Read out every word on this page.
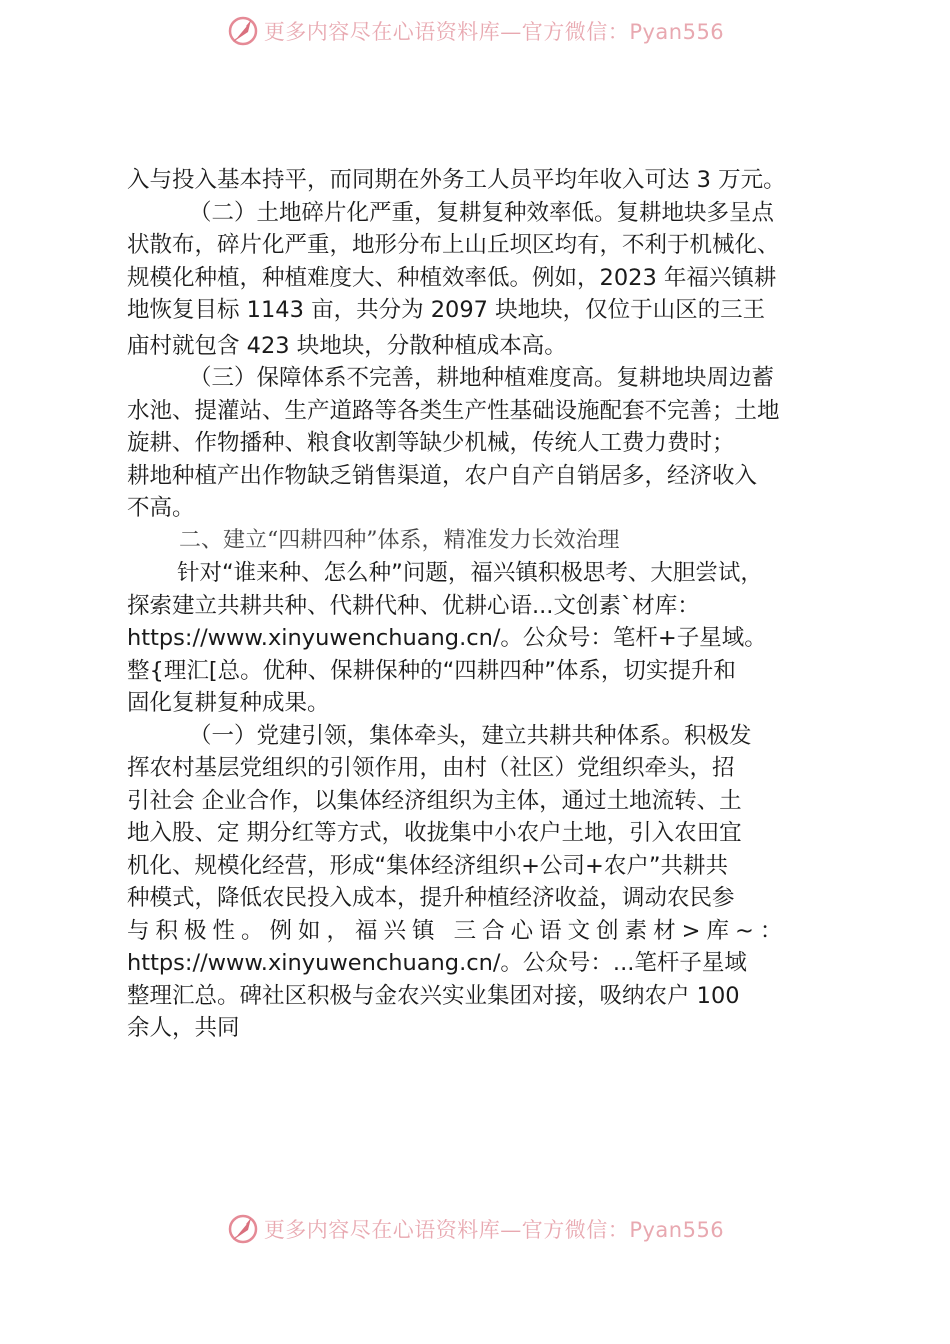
更多内容尽在心语资料库—官方微信：Pyan556
入与投入基本持平，而同期在外务工人员平均年收入可达 3 万元。
（二）土地碎片化严重，复耕复种效率低。复耕地块多呈点
状散布，碎片化严重，地形分布上山丘坝区均有，不利于机械化、
规模化种植，种植难度大、种植效率低。例如，2023 年福兴镇耕
地恢复目标 1143 亩，共分为 2097 块地块，仅位于山区的三王
庙村就包含 423 块地块，分散种植成本高。
（三）保障体系不完善，耕地种植难度高。复耕地块周边蓄
水池、提灌站、生产道路等各类生产性基础设施配套不完善；土地
旋耕、作物播种、粮食收割等缺少机械，传统人工费力费时；
耕地种植产出作物缺乏销售渠道，农户自产自销居多，经济收入
不高。
二、建立“四耕四种”体系，精准发力长效治理
针对“谁来种、怎么种”问题，福兴镇积极思考、大胆尝试，
探索建立共耕共种、代耕代种、优耕心语...文创素`材库：
https://www.xinyuwenchuang.cn/。公众号：笔杆+子星域。
整{理汇[总。优种、保耕保种的“四耕四种”体系，切实提升和
固化复耕复种成果。
（一）党建引领，集体牵头，建立共耕共种体系。积极发
挥农村基层党组织的引领作用，由村（社区）党组织牵头，招
引社会 企业合作，以集体经济组织为主体，通过土地流转、土
地入股、定 期分红等方式，收拢集中小农户土地，引入农田宜
机化、规模化经营，形成“集体经济组织+公司+农户”共耕共
种模式，降低农民投入成本，提升种植经济收益，调动农民参
与积极性。例如，福兴镇 三合心语文创素材>库~：
https://www.xinyuwenchuang.cn/。公众号：...笔杆子星域
整理汇总。碑社区积极与金农兴实业集团对接，吸纳农户 100
余人，共同
更多内容尽在心语资料库—官方微信：Pyan556
